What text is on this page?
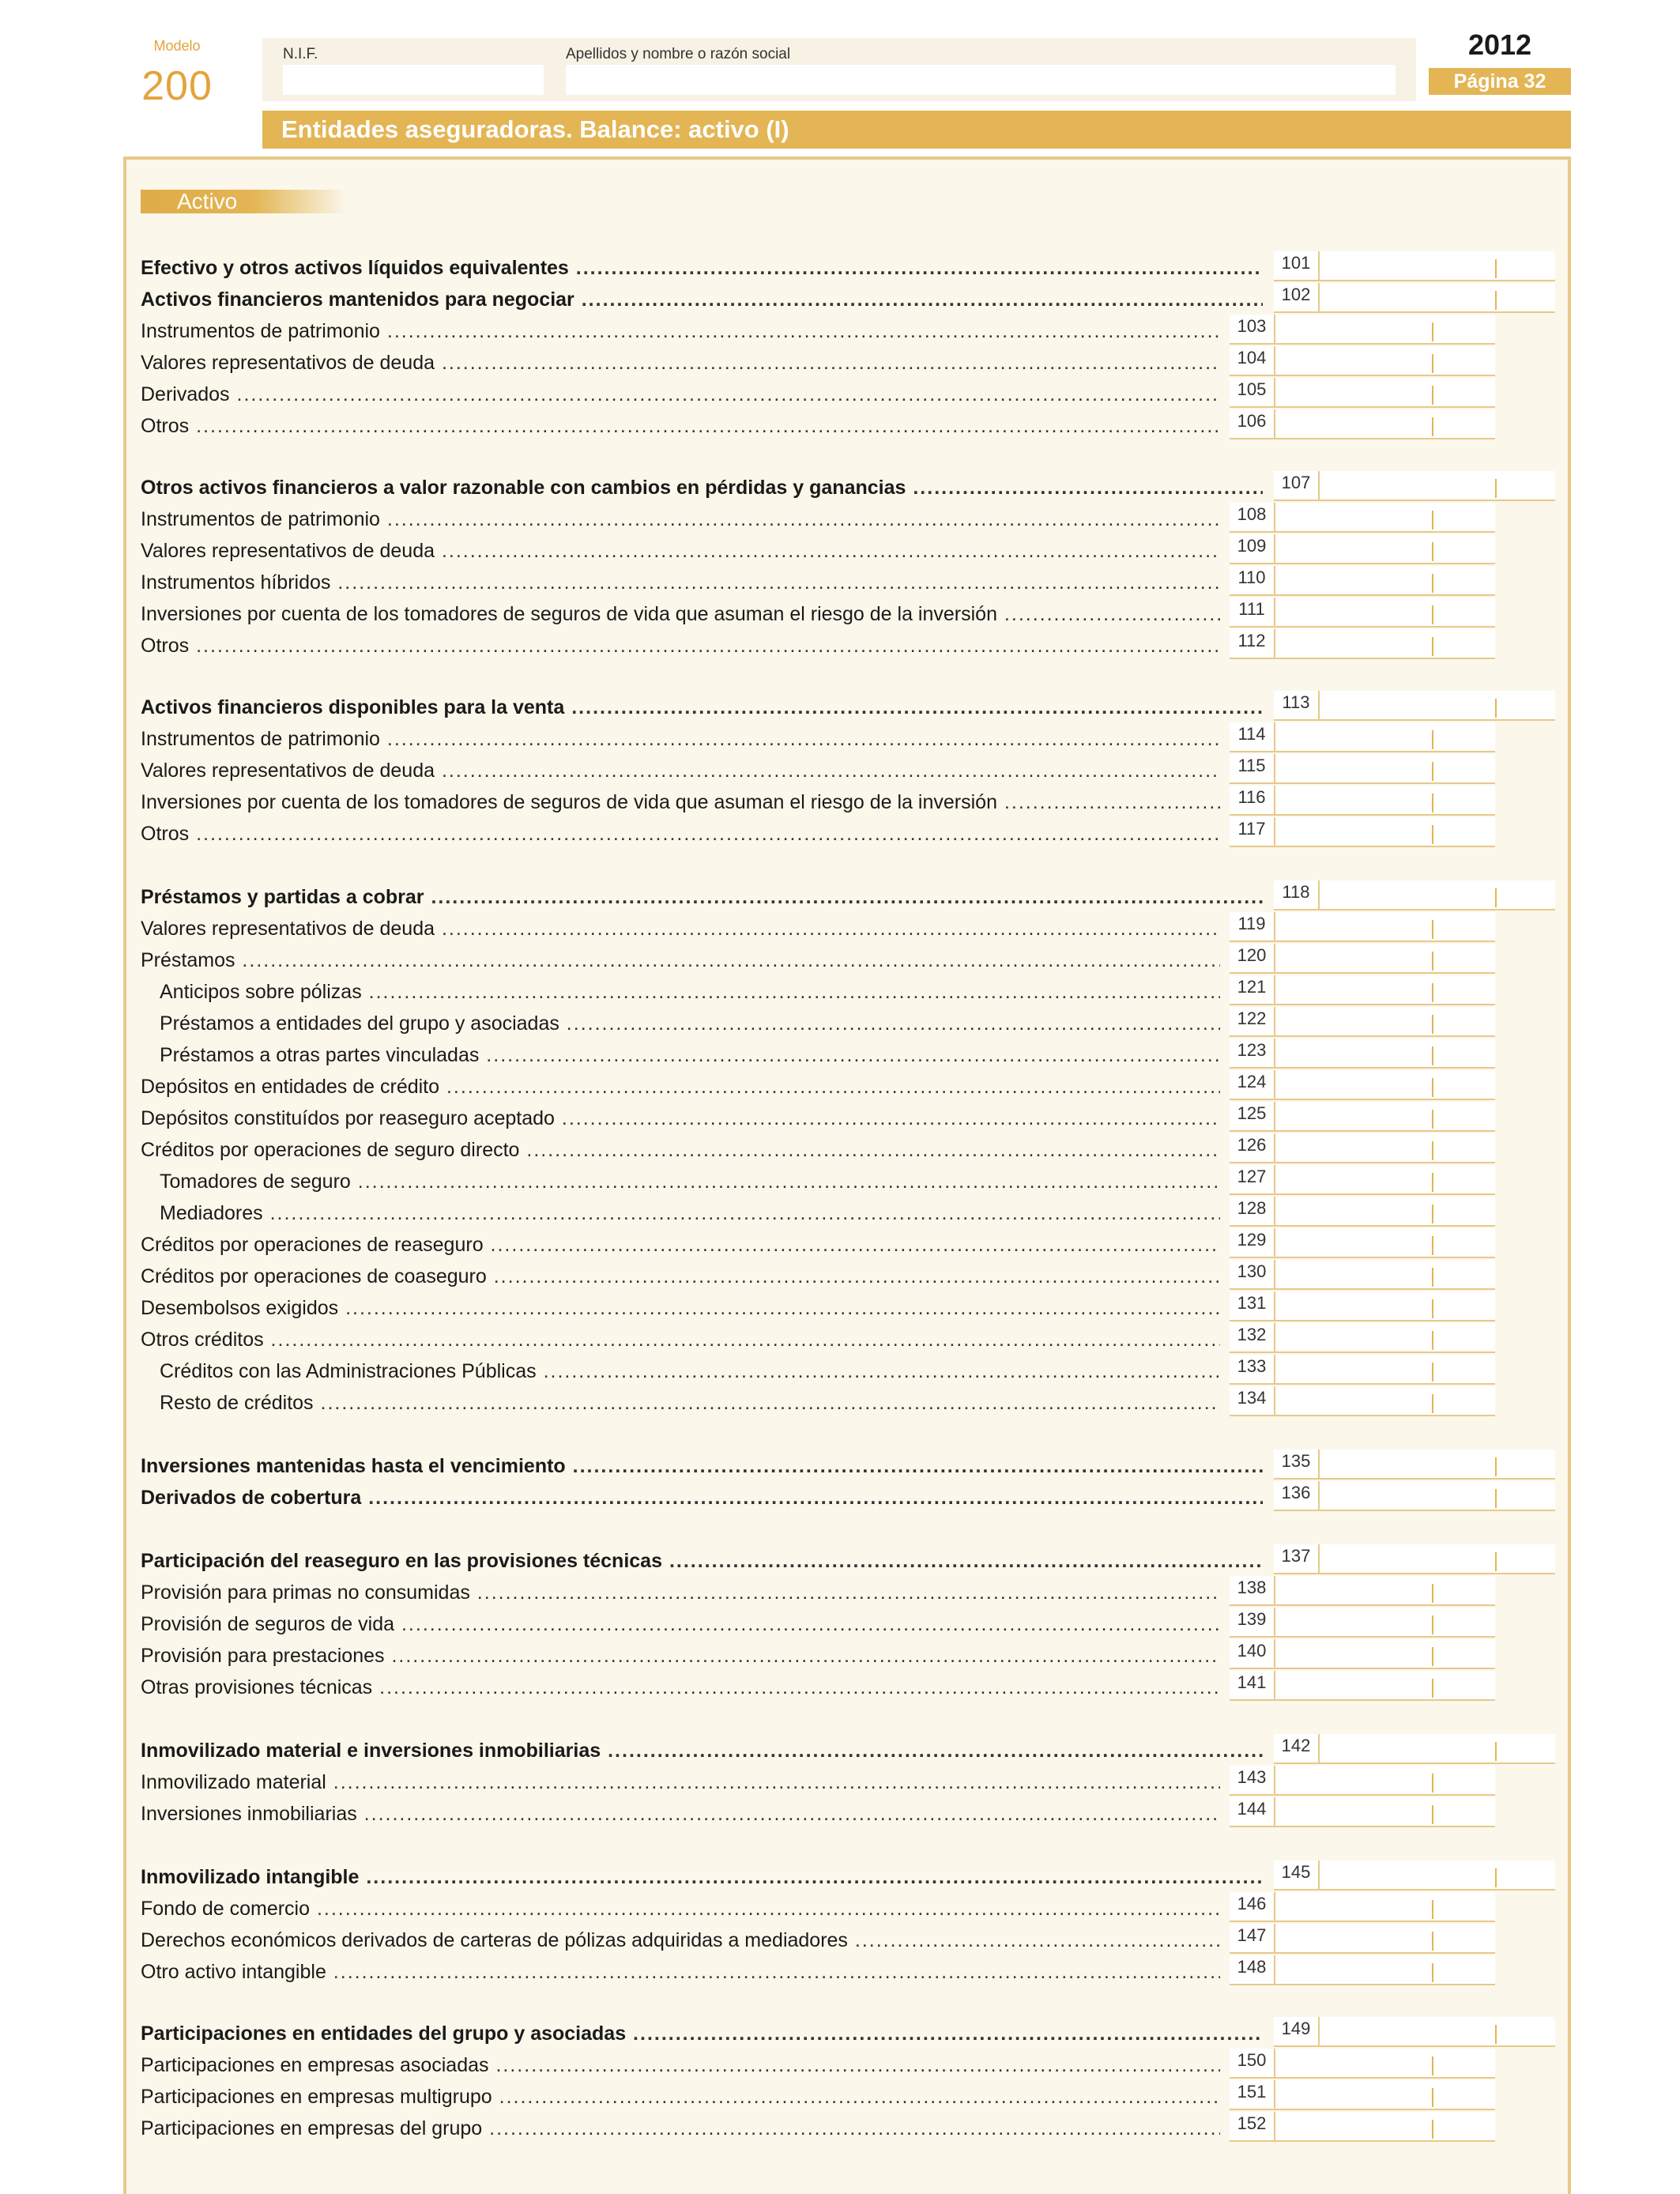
Modelo
200
N.I.F.	Apellidos y nombre o razón social	2012
Página 32
Entidades aseguradoras. Balance: activo (I)
Activo
Efectivo y otros activos líquidos equivalentes .....	101
Activos financieros mantenidos para negociar .....	102
Instrumentos de patrimonio .....	103
Valores representativos de deuda .....	104
Derivados .....	105
Otros .....	106
Otros activos financieros a valor razonable con cambios en pérdidas y ganancias .....	107
Instrumentos de patrimonio .....	108
Valores representativos de deuda .....	109
Instrumentos híbridos .....	110
Inversiones por cuenta de los tomadores de seguros de vida que asuman el riesgo de la inversión .....	111
Otros .....	112
Activos financieros disponibles para la venta .....	113
Instrumentos de patrimonio .....	114
Valores representativos de deuda .....	115
Inversiones por cuenta de los tomadores de seguros de vida que asuman el riesgo de la inversión .....	116
Otros .....	117
Préstamos y partidas a cobrar .....	118
Valores representativos de deuda .....	119
Préstamos .....	120
Anticipos sobre pólizas .....	121
Préstamos a entidades del grupo y asociadas .....	122
Préstamos a otras partes vinculadas .....	123
Depósitos en entidades de crédito .....	124
Depósitos constituídos por reaseguro aceptado .....	125
Créditos por operaciones de seguro directo .....	126
Tomadores de seguro .....	127
Mediadores .....	128
Créditos por operaciones de reaseguro .....	129
Créditos por operaciones de coaseguro .....	130
Desembolsos exigidos .....	131
Otros créditos .....	132
Créditos con las Administraciones Públicas .....	133
Resto de créditos .....	134
Inversiones mantenidas hasta el vencimiento .....	135
Derivados de cobertura .....	136
Participación del reaseguro en las provisiones técnicas .....	137
Provisión para primas no consumidas .....	138
Provisión de seguros de vida .....	139
Provisión para prestaciones .....	140
Otras provisiones técnicas .....	141
Inmovilizado material e inversiones inmobiliarias .....	142
Inmovilizado material .....	143
Inversiones inmobiliarias .....	144
Inmovilizado intangible .....	145
Fondo de comercio .....	146
Derechos económicos derivados de carteras de pólizas adquiridas a mediadores .....	147
Otro activo intangible .....	148
Participaciones en entidades del grupo y asociadas .....	149
Participaciones en empresas asociadas .....	150
Participaciones en empresas multigrupo .....	151
Participaciones en empresas del grupo .....	152
